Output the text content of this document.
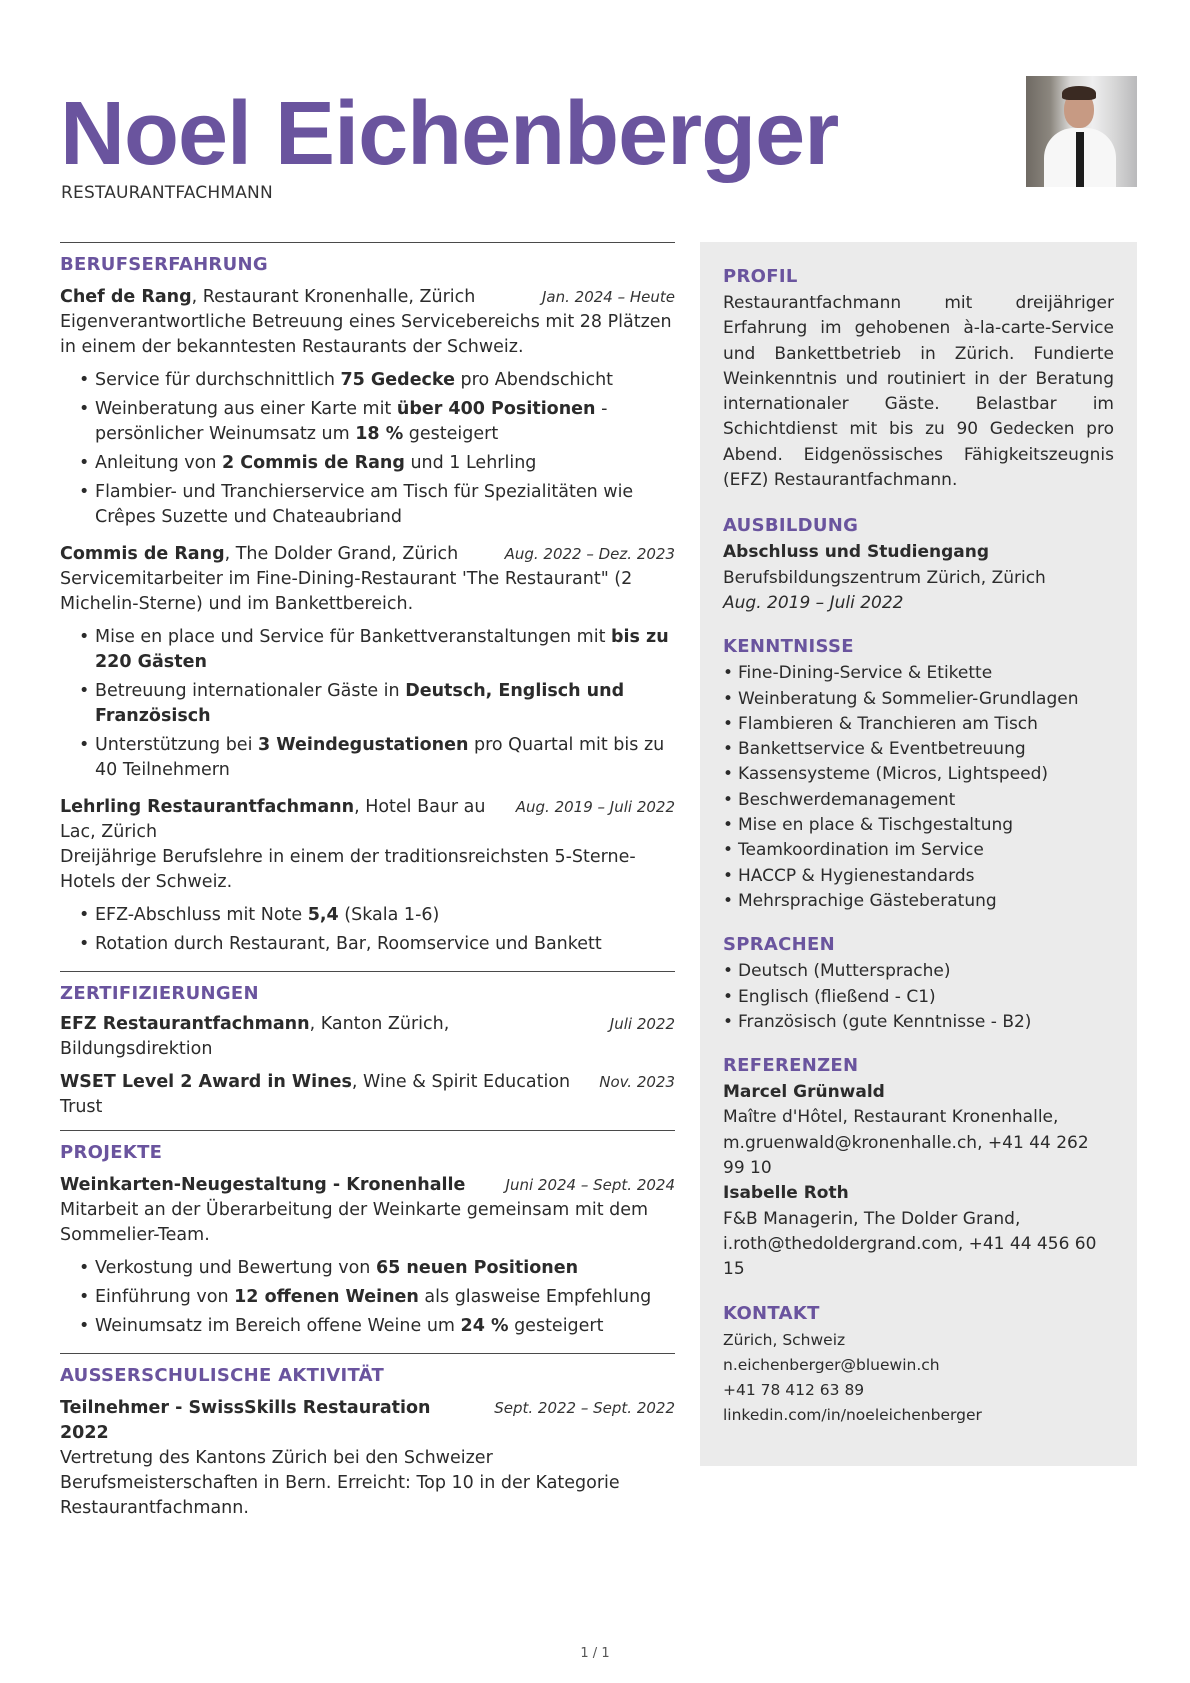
Noel Eichenberger
RESTAURANTFACHMANN
BERUFSERFAHRUNG
Chef de Rang, Restaurant Kronenhalle, Zürich	Jan. 2024 – Heute
Eigenverantwortliche Betreuung eines Servicebereichs mit 28 Plätzen in einem der bekanntesten Restaurants der Schweiz.
• Service für durchschnittlich 75 Gedecke pro Abendschicht
• Weinberatung aus einer Karte mit über 400 Positionen - persönlicher Weinumsatz um 18 % gesteigert
• Anleitung von 2 Commis de Rang und 1 Lehrling
• Flambier- und Tranchierservice am Tisch für Spezialitäten wie Crêpes Suzette und Chateaubriand
Commis de Rang, The Dolder Grand, Zürich	Aug. 2022 – Dez. 2023
Servicemitarbeiter im Fine-Dining-Restaurant 'The Restaurant" (2 Michelin-Sterne) und im Bankettbereich.
• Mise en place und Service für Bankettveranstaltungen mit bis zu 220 Gästen
• Betreuung internationaler Gäste in Deutsch, Englisch und Französisch
• Unterstützung bei 3 Weindegustationen pro Quartal mit bis zu 40 Teilnehmern
Lehrling Restaurantfachmann, Hotel Baur au Lac, Zürich
Aug. 2019 – Juli 2022
Dreijährige Berufslehre in einem der traditionsreichsten 5-Sterne-Hotels der Schweiz.
• EFZ-Abschluss mit Note 5,4 (Skala 1-6)
• Rotation durch Restaurant, Bar, Roomservice und Bankett
ZERTIFIZIERUNGEN
EFZ Restaurantfachmann, Kanton Zürich, Bildungsdirektion
Juli 2022
WSET Level 2 Award in Wines, Wine & Spirit Education Trust
Nov. 2023
PROJEKTE
Weinkarten-Neugestaltung - Kronenhalle	Juni 2024 – Sept. 2024
Mitarbeit an der Überarbeitung der Weinkarte gemeinsam mit dem Sommelier-Team.
• Verkostung und Bewertung von 65 neuen Positionen
• Einführung von 12 offenen Weinen als glasweise Empfehlung
• Weinumsatz im Bereich offene Weine um 24 % gesteigert
AUSSERSCHULISCHE AKTIVITÄT
Teilnehmer - SwissSkills Restauration 2022
Sept. 2022 – Sept. 2022
Vertretung des Kantons Zürich bei den Schweizer Berufsmeisterschaften in Bern. Erreicht: Top 10 in der Kategorie Restaurantfachmann.
PROFIL
Restaurantfachmann mit dreijähriger Erfahrung im gehobenen à-la-carte-Service und Bankettbetrieb in Zürich. Fundierte Weinkenntnis und routiniert in der Beratung internationaler Gäste. Belastbar im Schichtdienst mit bis zu 90 Gedecken pro Abend. Eidgenössisches Fähigkeitszeugnis (EFZ) Restaurantfachmann.
AUSBILDUNG
Abschluss und Studiengang
Berufsbildungszentrum Zürich, Zürich
Aug. 2019 – Juli 2022
KENNTNISSE
• Fine-Dining-Service & Etikette
• Weinberatung & Sommelier-Grundlagen
• Flambieren & Tranchieren am Tisch
• Bankettservice & Eventbetreuung
• Kassensysteme (Micros, Lightspeed)
• Beschwerdemanagement
• Mise en place & Tischgestaltung
• Teamkoordination im Service
• HACCP & Hygienestandards
• Mehrsprachige Gästeberatung
SPRACHEN
• Deutsch (Muttersprache)
• Englisch (fließend - C1)
• Französisch (gute Kenntnisse - B2)
REFERENZEN
Marcel Grünwald
Maître d'Hôtel, Restaurant Kronenhalle, m.gruenwald@kronenhalle.ch, +41 44 262 99 10
Isabelle Roth
F&B Managerin, The Dolder Grand, i.roth@thedoldergrand.com, +41 44 456 60 15
KONTAKT
Zürich, Schweiz
n.eichenberger@bluewin.ch
+41 78 412 63 89
linkedin.com/in/noeleichenberger
1 / 1
